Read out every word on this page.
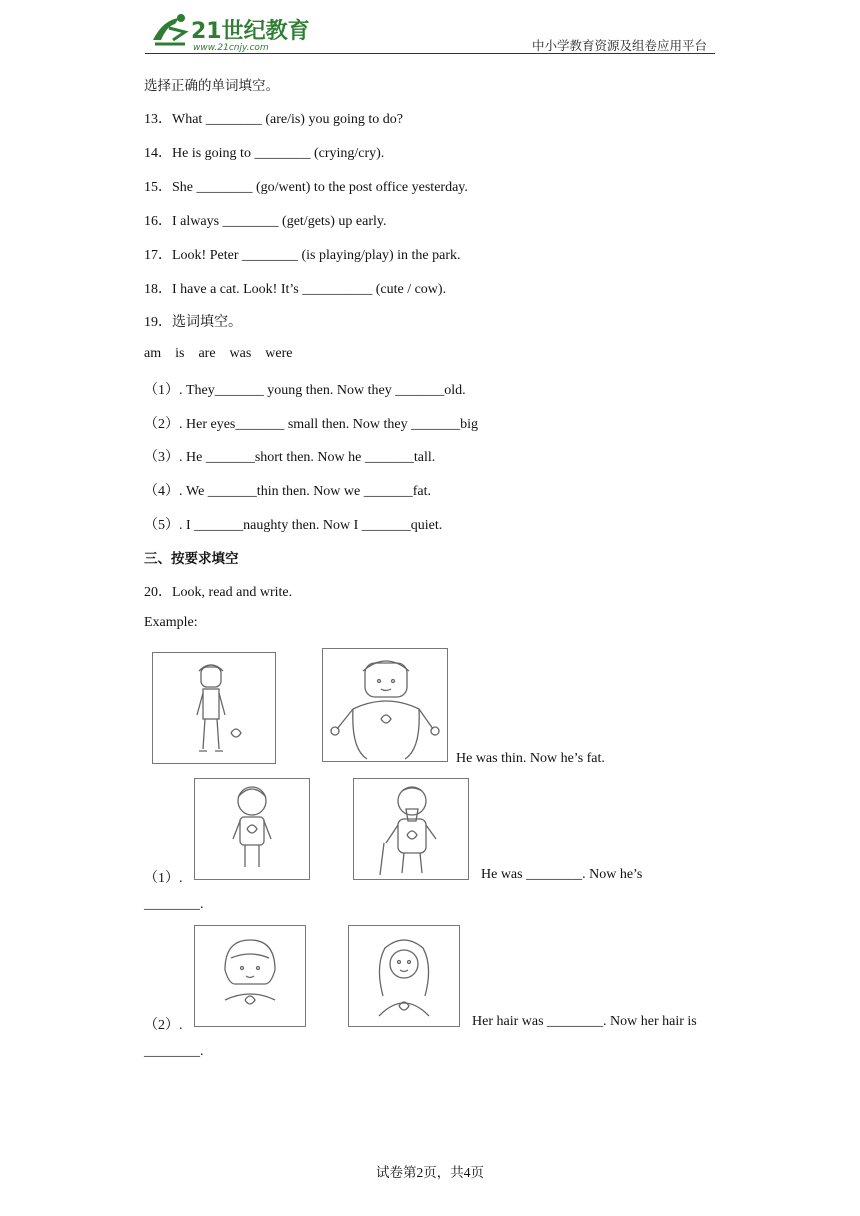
21世纪教育
www.21cnjy.com	中小学教育资源及组卷应用平台
选择正确的单词填空。
13．What ________ (are/is) you going to do?
14．He is going to ________ (crying/cry).
15．She ________ (go/went) to the post office yesterday.
16．I always ________ (get/gets) up early.
17．Look! Peter ________ (is playing/play) in the park.
18．I have a cat. Look! It’s __________ (cute / cow).
19．选词填空。
am    is    are    was    were
（1）. They_______ young then. Now they _______old.
（2）. Her eyes_______ small then. Now they _______big
（3）. He _______short then. Now he _______tall.
（4）. We _______thin then. Now we _______fat.
（5）. I _______naughty then. Now I _______quiet.
三、按要求填空
20．Look, read and write.
Example:
He was thin. Now he’s fat.
（1）.	He was ________. Now he’s
________.
（2）.	Her hair was ________. Now her hair is
________.
试卷第2页，共4页
